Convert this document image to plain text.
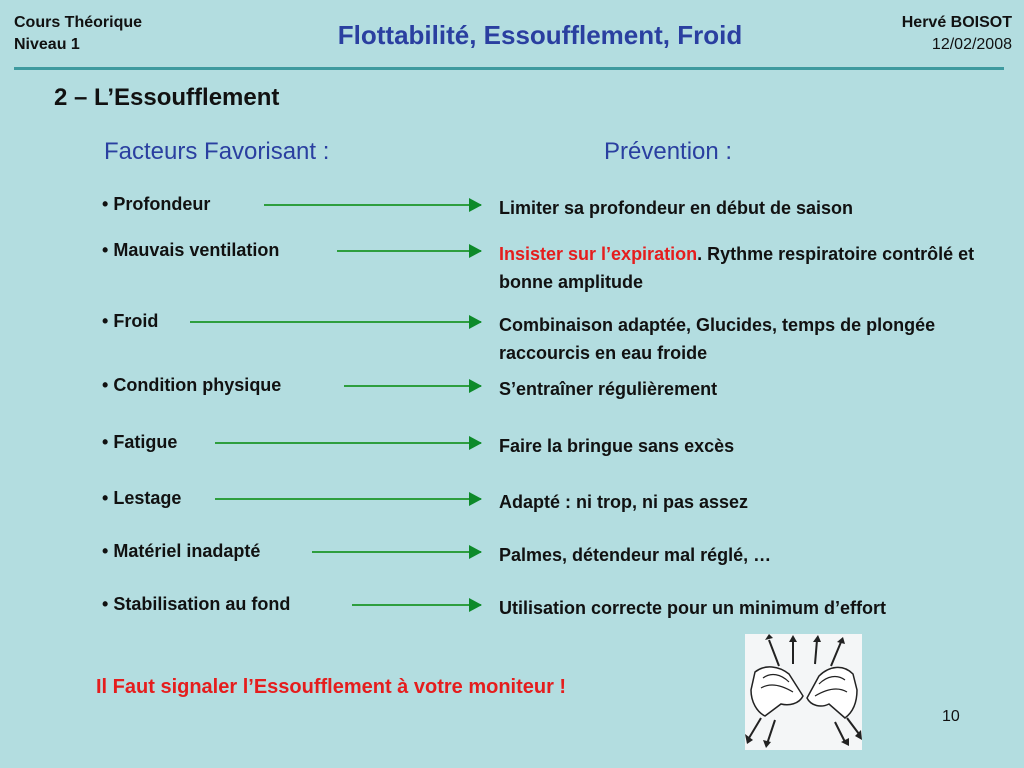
Cours Théorique
Niveau 1	Flottabilité, Essoufflement, Froid	Hervé BOISOT
12/02/2008
2 – L’Essoufflement
Facteurs Favorisant :	Prévention :
• Profondeur	Limiter sa profondeur en début de saison
• Mauvais ventilation	Insister sur l’expiration. Rythme respiratoire contrôlé et bonne amplitude
• Froid	Combinaison adaptée, Glucides, temps de plongée raccourcis en eau froide
• Condition physique	S’entraîner régulièrement
• Fatigue	Faire la bringue sans excès
• Lestage	Adapté : ni trop, ni pas assez
• Matériel inadapté	Palmes, détendeur mal réglé, …
• Stabilisation au fond	Utilisation correcte pour un minimum d’effort
Il Faut signaler l’Essoufflement à votre moniteur !
10
